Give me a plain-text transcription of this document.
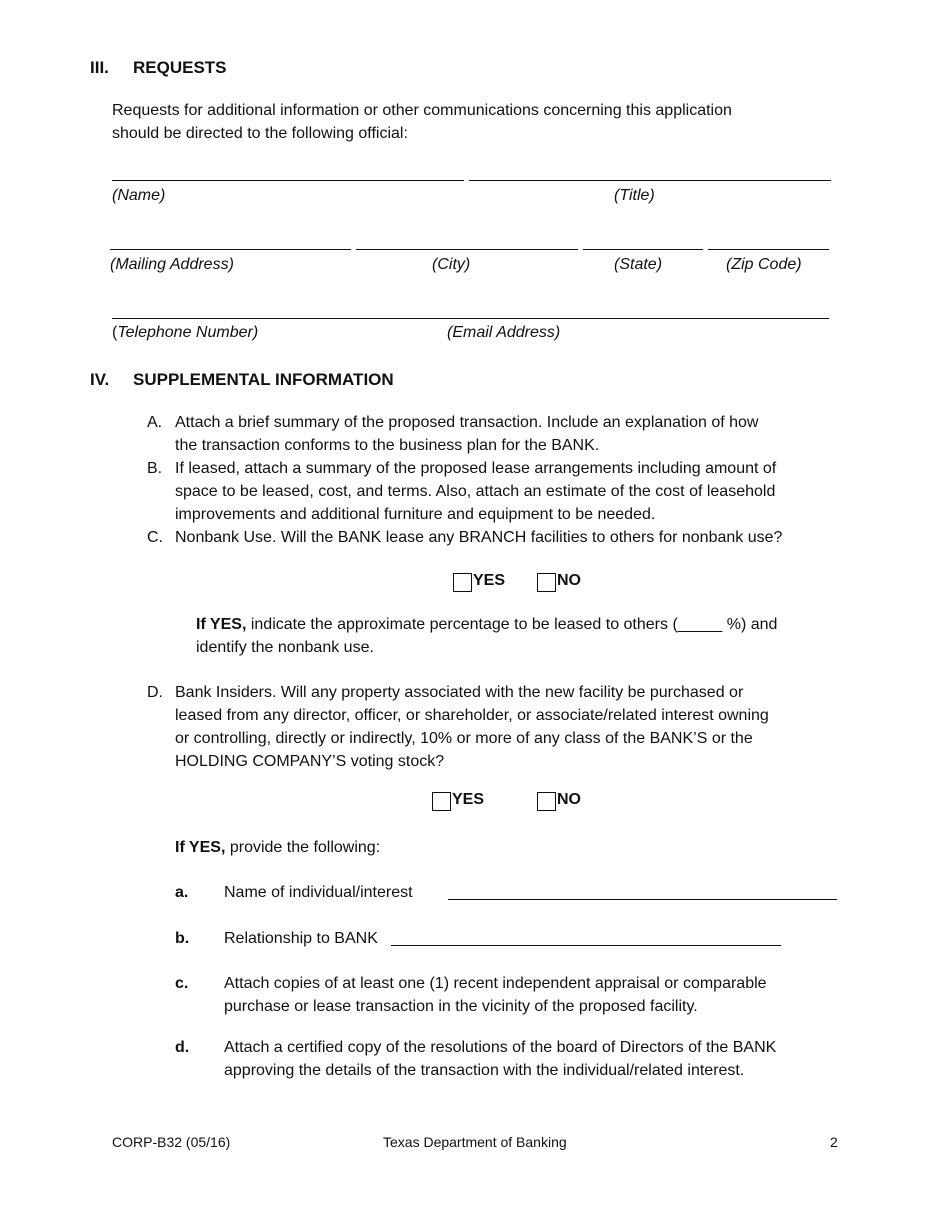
III. REQUESTS
Requests for additional information or other communications concerning this application
should be directed to the following official:
(Name)	(Title)
(Mailing Address)	(City)	(State)	(Zip Code)
(Telephone Number)	(Email Address)
IV. SUPPLEMENTAL INFORMATION
A. Attach a brief summary of the proposed transaction. Include an explanation of how
the transaction conforms to the business plan for the BANK.
B. If leased, attach a summary of the proposed lease arrangements including amount of
space to be leased, cost, and terms. Also, attach an estimate of the cost of leasehold
improvements and additional furniture and equipment to be needed.
C. Nonbank Use. Will the BANK lease any BRANCH facilities to others for nonbank use?
YES	NO
If YES, indicate the approximate percentage to be leased to others (_____ %) and
identify the nonbank use.
D. Bank Insiders. Will any property associated with the new facility be purchased or
leased from any director, officer, or shareholder, or associate/related interest owning
or controlling, directly or indirectly, 10% or more of any class of the BANK’S or the
HOLDING COMPANY’S voting stock?
YES	NO
If YES, provide the following:
a. Name of individual/interest
b. Relationship to BANK
c. Attach copies of at least one (1) recent independent appraisal or comparable
purchase or lease transaction in the vicinity of the proposed facility.
d. Attach a certified copy of the resolutions of the board of Directors of the BANK
approving the details of the transaction with the individual/related interest.
CORP-B32 (05/16)	Texas Department of Banking	2
